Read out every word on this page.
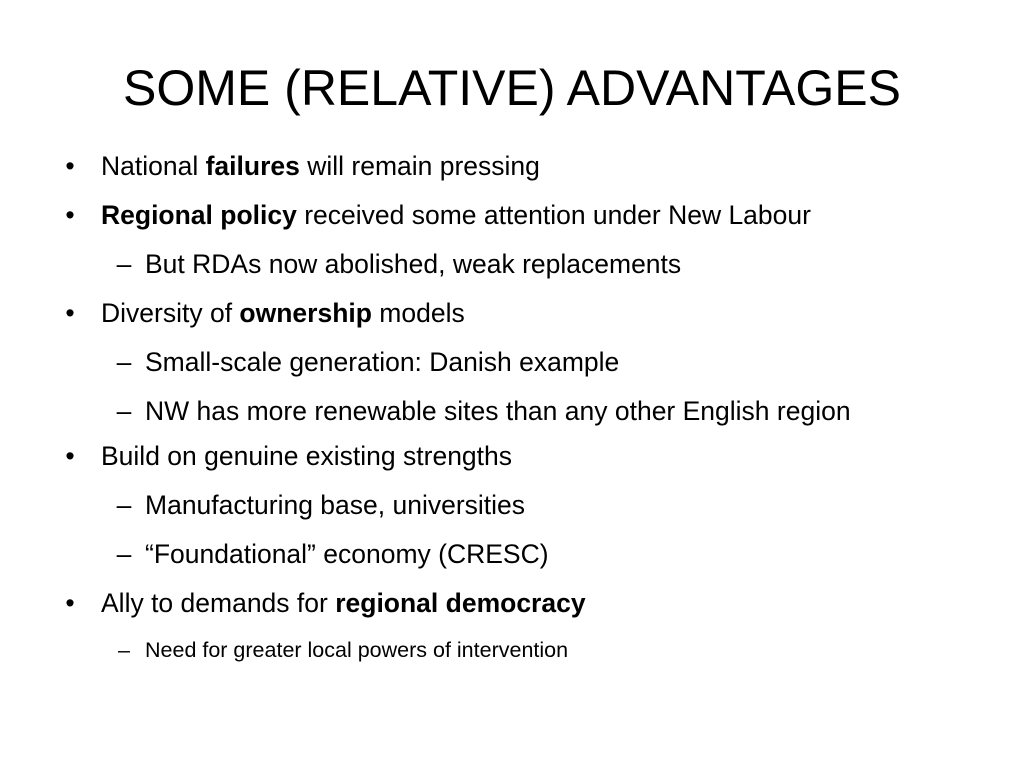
SOME (RELATIVE) ADVANTAGES
• National failures will remain pressing
• Regional policy received some attention under New Labour
– But RDAs now abolished, weak replacements
• Diversity of ownership models
– Small-scale generation: Danish example
– NW has more renewable sites than any other English region
• Build on genuine existing strengths
– Manufacturing base, universities
– “Foundational” economy (CRESC)
• Ally to demands for regional democracy
– Need for greater local powers of intervention
